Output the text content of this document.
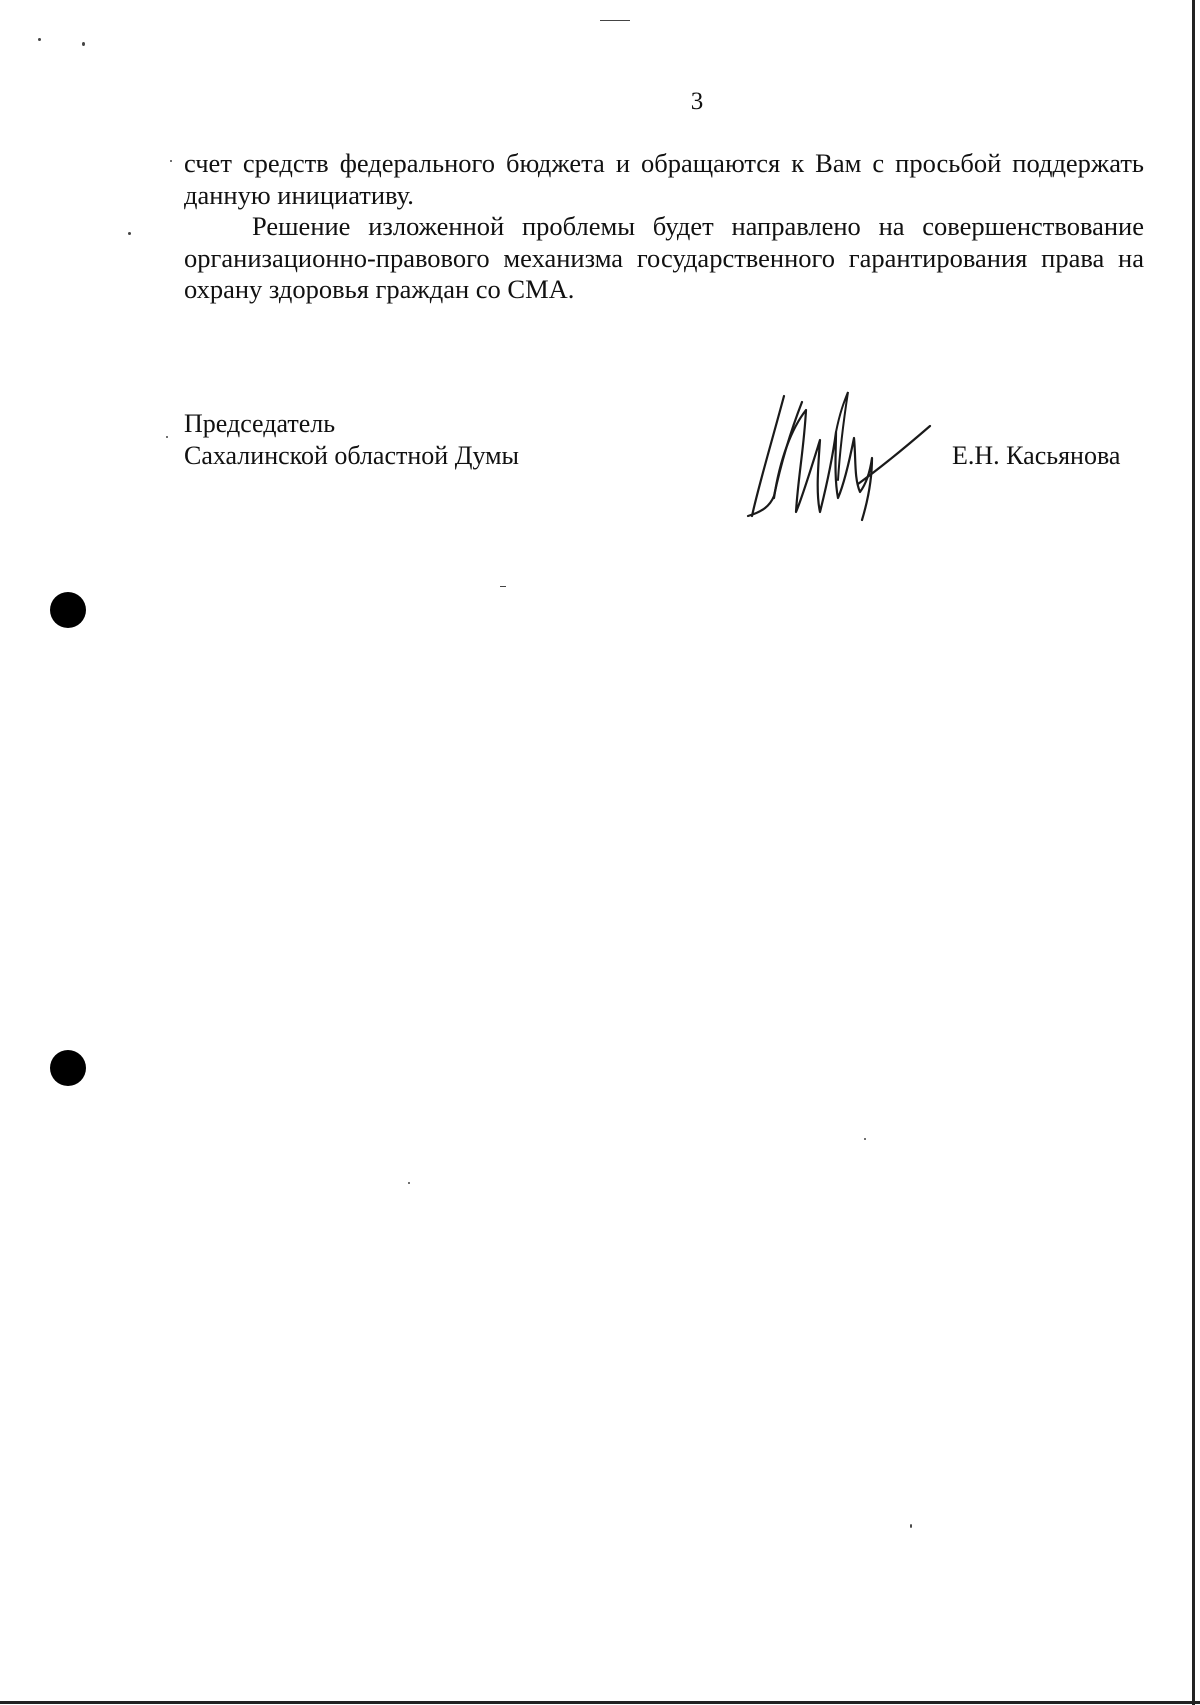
3

счет средств федерального бюджета и обращаются к Вам с просьбой поддержать данную инициативу.

Решение изложенной проблемы будет направлено на совершенствование организационно-правового механизма государственного гарантирования права на охрану здоровья граждан со СМА.

Председатель
Сахалинской областной Думы	Е.Н. Касьянова
